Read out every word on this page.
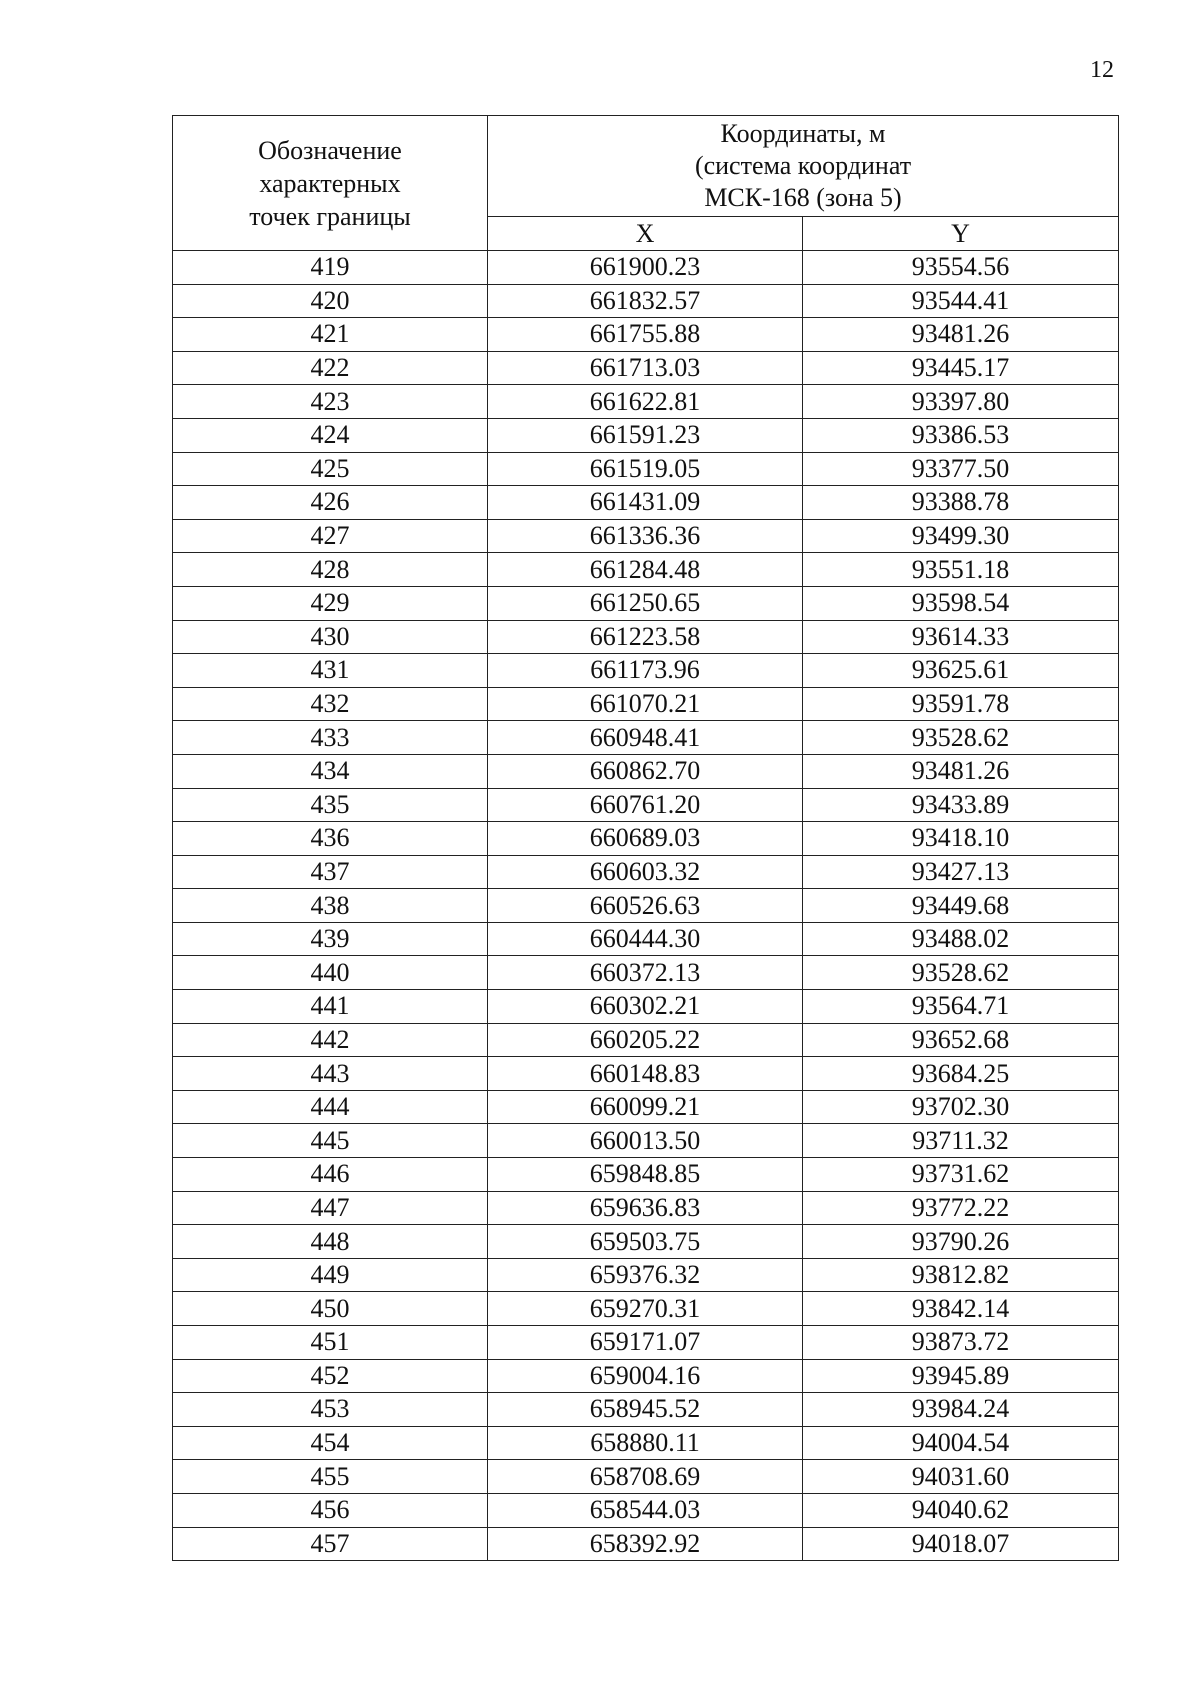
12
Обозначение
характерных
точек границы	Координаты, м
(система координат
МСК-168 (зона 5)	

	X	Y
419	661900.23	93554.56
420	661832.57	93544.41
421	661755.88	93481.26
422	661713.03	93445.17
423	661622.81	93397.80
424	661591.23	93386.53
425	661519.05	93377.50
426	661431.09	93388.78
427	661336.36	93499.30
428	661284.48	93551.18
429	661250.65	93598.54
430	661223.58	93614.33
431	661173.96	93625.61
432	661070.21	93591.78
433	660948.41	93528.62
434	660862.70	93481.26
435	660761.20	93433.89
436	660689.03	93418.10
437	660603.32	93427.13
438	660526.63	93449.68
439	660444.30	93488.02
440	660372.13	93528.62
441	660302.21	93564.71
442	660205.22	93652.68
443	660148.83	93684.25
444	660099.21	93702.30
445	660013.50	93711.32
446	659848.85	93731.62
447	659636.83	93772.22
448	659503.75	93790.26
449	659376.32	93812.82
450	659270.31	93842.14
451	659171.07	93873.72
452	659004.16	93945.89
453	658945.52	93984.24
454	658880.11	94004.54
455	658708.69	94031.60
456	658544.03	94040.62
457	658392.92	94018.07
